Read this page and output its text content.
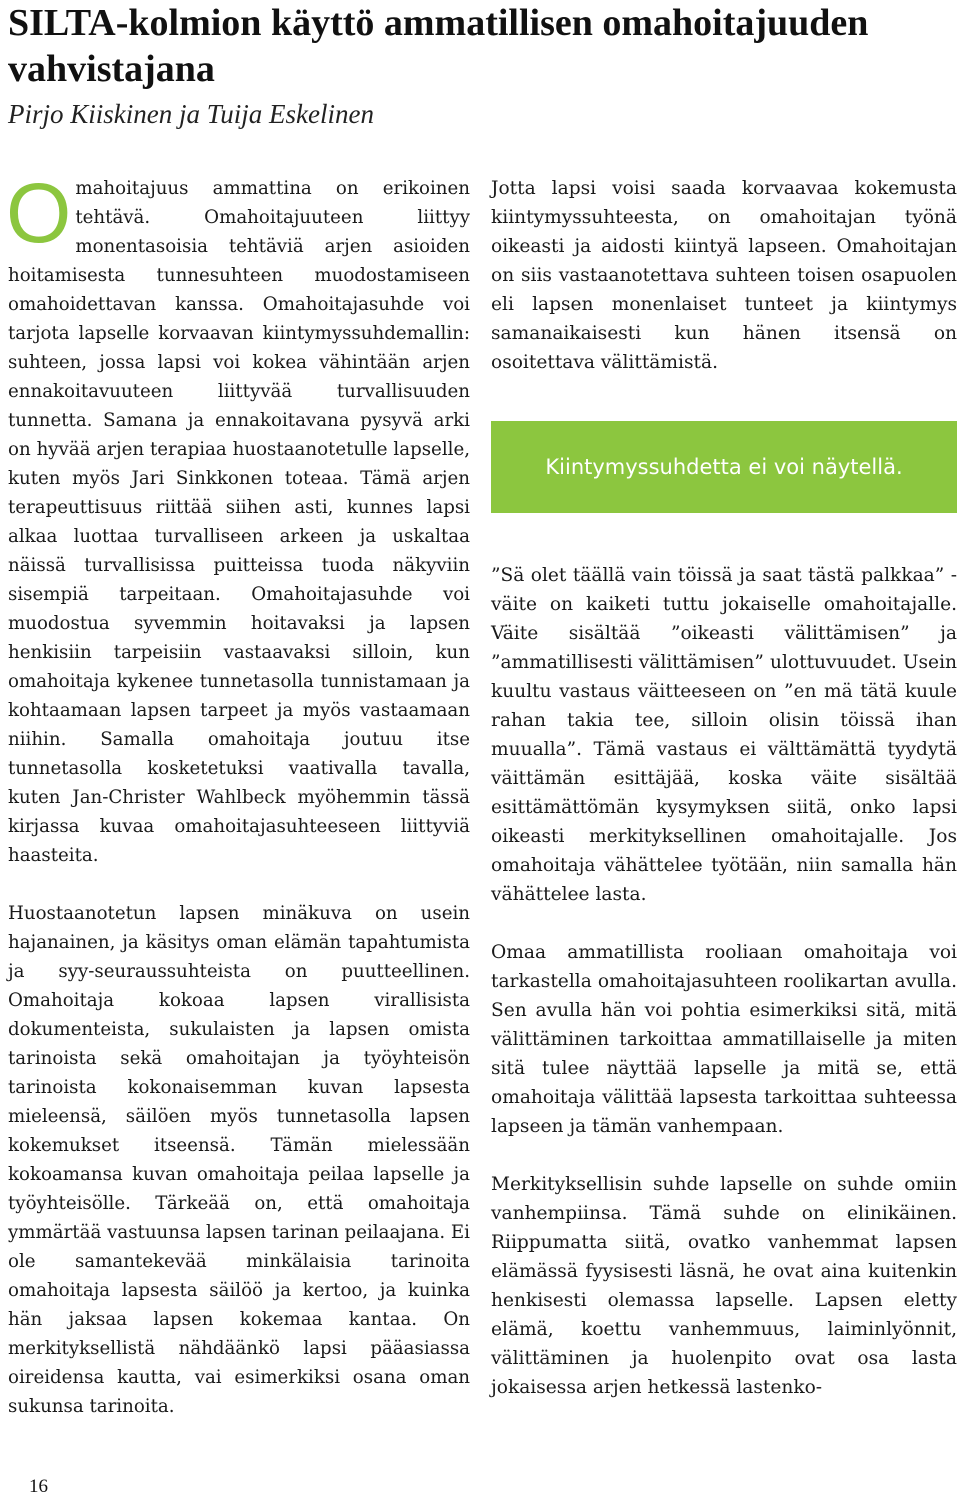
SILTA-kolmion käyttö ammatillisen omahoitajuuden vahvistajana
Pirjo Kiiskinen ja Tuija Eskelinen

Omahoitajuus ammattina on erikoinen tehtävä. Omahoitajuuteen liittyy monentasoisia tehtäviä arjen asioiden hoitamisesta tunnesuhteen muodostamiseen omahoidettavan kanssa. Omahoitajasuhde voi tarjota lapselle korvaavan kiintymyssuhdemallin: suhteen, jossa lapsi voi kokea vähintään arjen ennakoitavuuteen liittyvää turvallisuuden tunnetta. Samana ja ennakoitavana pysyvä arki on hyvää arjen terapiaa huostaanotetulle lapselle, kuten myös Jari Sinkkonen toteaa. Tämä arjen terapeuttisuus riittää siihen asti, kunnes lapsi alkaa luottaa turvalliseen arkeen ja uskaltaa näissä turvallisissa puitteissa tuoda näkyviin sisempiä tarpeitaan. Omahoitajasuhde voi muodostua syvemmin hoitavaksi ja lapsen henkisiin tarpeisiin vastaavaksi silloin, kun omahoitaja kykenee tunnetasolla tunnistamaan ja kohtaamaan lapsen tarpeet ja myös vastaamaan niihin. Samalla omahoitaja joutuu itse tunnetasolla kosketetuksi vaativalla tavalla, kuten Jan-Christer Wahlbeck myöhemmin tässä kirjassa kuvaa omahoitajasuhteeseen liittyviä haasteita.

Huostaanotetun lapsen minäkuva on usein hajanainen, ja käsitys oman elämän tapahtumista ja syy-seuraussuhteista on puutteellinen. Omahoitaja kokoaa lapsen virallisista dokumenteista, sukulaisten ja lapsen omista tarinoista sekä omahoitajan ja työyhteisön tarinoista kokonaisemman kuvan lapsesta mieleensä, säilöen myös tunnetasolla lapsen kokemukset itseensä. Tämän mielessään kokoamansa kuvan omahoitaja peilaa lapselle ja työyhteisölle. Tärkeää on, että omahoitaja ymmärtää vastuunsa lapsen tarinan peilaajana. Ei ole samantekevää minkälaisia tarinoita omahoitaja lapsesta säilöö ja kertoo, ja kuinka hän jaksaa lapsen kokemaa kantaa. On merkityksellistä nähdäänkö lapsi pääasiassa oireidensa kautta, vai esimerkiksi osana oman sukunsa tarinoita.

Jotta lapsi voisi saada korvaavaa kokemusta kiintymyssuhteesta, on omahoitajan työnä oikeasti ja aidosti kiintyä lapseen. Omahoitajan on siis vastaanotettava suhteen toisen osapuolen eli lapsen monenlaiset tunteet ja kiintymys samanaikaisesti kun hänen itsensä on osoitettava välittämistä.

Kiintymyssuhdetta ei voi näytellä.

”Sä olet täällä vain töissä ja saat tästä palkkaa” -väite on kaiketi tuttu jokaiselle omahoitajalle. Väite sisältää ”oikeasti välittämisen” ja ”ammatillisesti välittämisen” ulottuvuudet. Usein kuultu vastaus väitteeseen on ”en mä tätä kuule rahan takia tee, silloin olisin töissä ihan muualla”. Tämä vastaus ei välttämättä tyydytä väittämän esittäjää, koska väite sisältää esittämättömän kysymyksen siitä, onko lapsi oikeasti merkityksellinen omahoitajalle. Jos omahoitaja vähättelee työtään, niin samalla hän vähättelee lasta.

Omaa ammatillista rooliaan omahoitaja voi tarkastella omahoitajasuhteen roolikartan avulla. Sen avulla hän voi pohtia esimerkiksi sitä, mitä välittäminen tarkoittaa ammatillaiselle ja miten sitä tulee näyttää lapselle ja mitä se, että omahoitaja välittää lapsesta tarkoittaa suhteessa lapseen ja tämän vanhempaan.

Merkityksellisin suhde lapselle on suhde omiin vanhempiinsa. Tämä suhde on elinikäinen. Riippumatta siitä, ovatko vanhemmat lapsen elämässä fyysisesti läsnä, he ovat aina kuitenkin henkisesti olemassa lapselle. Lapsen eletty elämä, koettu vanhemmuus, laiminlyönnit, välittäminen ja huolenpito ovat osa lasta jokaisessa arjen hetkessä lastenko-

16
